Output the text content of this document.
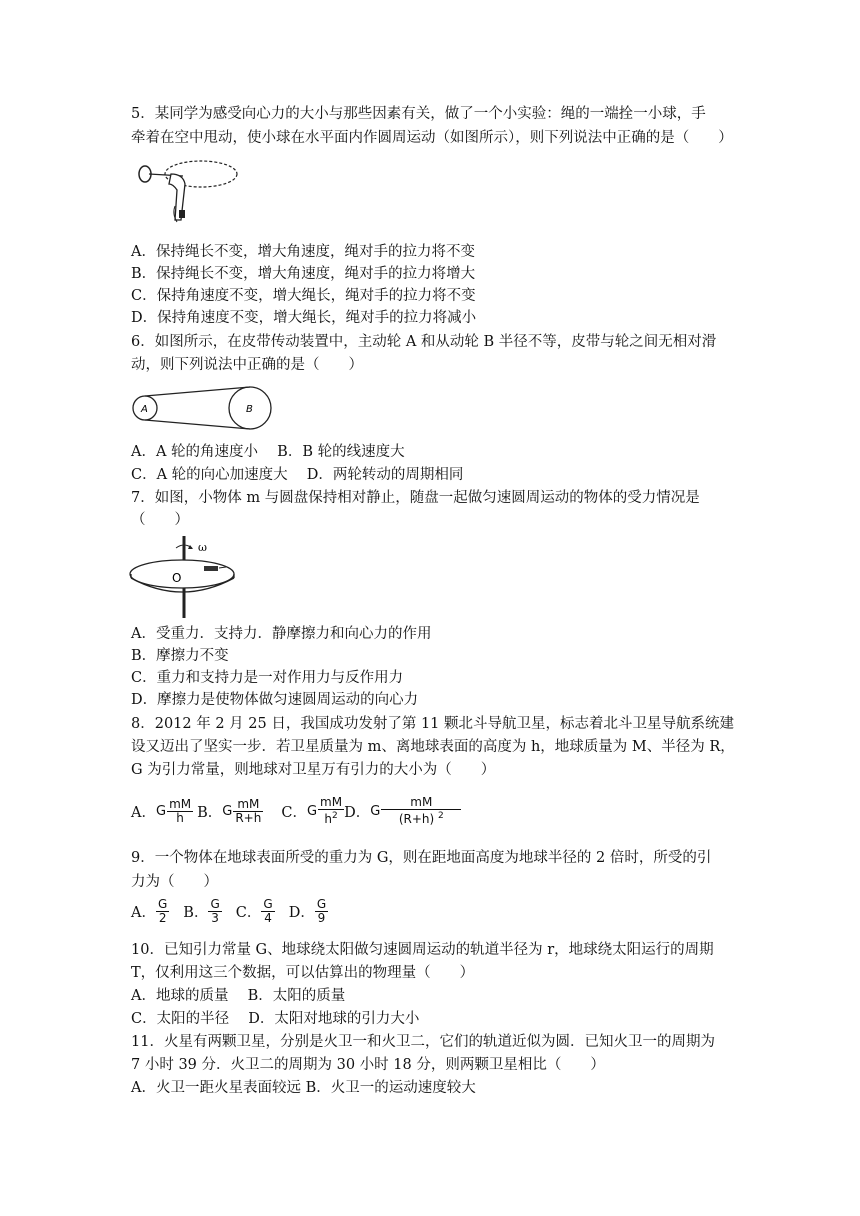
5．某同学为感受向心力的大小与那些因素有关，做了一个小实验：绳的一端拴一小球，手
牵着在空中甩动，使小球在水平面内作圆周运动（如图所示），则下列说法中正确的是（　　）
A．保持绳长不变，增大角速度，绳对手的拉力将不变
B．保持绳长不变，增大角速度，绳对手的拉力将增大
C．保持角速度不变，增大绳长，绳对手的拉力将不变
D．保持角速度不变，增大绳长，绳对手的拉力将减小
6．如图所示，在皮带传动装置中，主动轮 A 和从动轮 B 半径不等，皮带与轮之间无相对滑
动，则下列说法中正确的是（　　）
A	B
A．A 轮的角速度小　 B．B 轮的线速度大
C．A 轮的向心加速度大　 D．两轮转动的周期相同
7．如图，小物体 m 与圆盘保持相对静止，随盘一起做匀速圆周运动的物体的受力情况是
（　　）
ω
O
A．受重力．支持力．静摩擦力和向心力的作用
B．摩擦力不变
C．重力和支持力是一对作用力与反作用力
D．摩擦力是使物体做匀速圆周运动的向心力
8．2012 年 2 月 25 日，我国成功发射了第 11 颗北斗导航卫星，标志着北斗卫星导航系统建
设又迈出了坚实一步．若卫星质量为 m、离地球表面的高度为 h，地球质量为 M、半径为 R，
G 为引力常量，则地球对卫星万有引力的大小为（　　）
A． G $\frac{mM}{h}$ B． G $\frac{mM}{R+h}$ C． G $\frac{mM}{h^2}$ D． G $\frac{mM}{(R+h) ^2}$
9．一个物体在地球表面所受的重力为 G，则在距地面高度为地球半径的 2 倍时，所受的引
力为（　　）
A． $\frac{G}{2}$ B． $\frac{G}{3}$ C． $\frac{G}{4}$ D． $\frac{G}{9}$
10．已知引力常量 G、地球绕太阳做匀速圆周运动的轨道半径为 r，地球绕太阳运行的周期
T，仅利用这三个数据，可以估算出的物理量（　　）
A．地球的质量　 B．太阳的质量
C．太阳的半径　 D．太阳对地球的引力大小
11．火星有两颗卫星，分别是火卫一和火卫二，它们的轨道近似为圆．已知火卫一的周期为
7 小时 39 分．火卫二的周期为 30 小时 18 分，则两颗卫星相比（　　）
A．火卫一距火星表面较远 B．火卫一的运动速度较大
